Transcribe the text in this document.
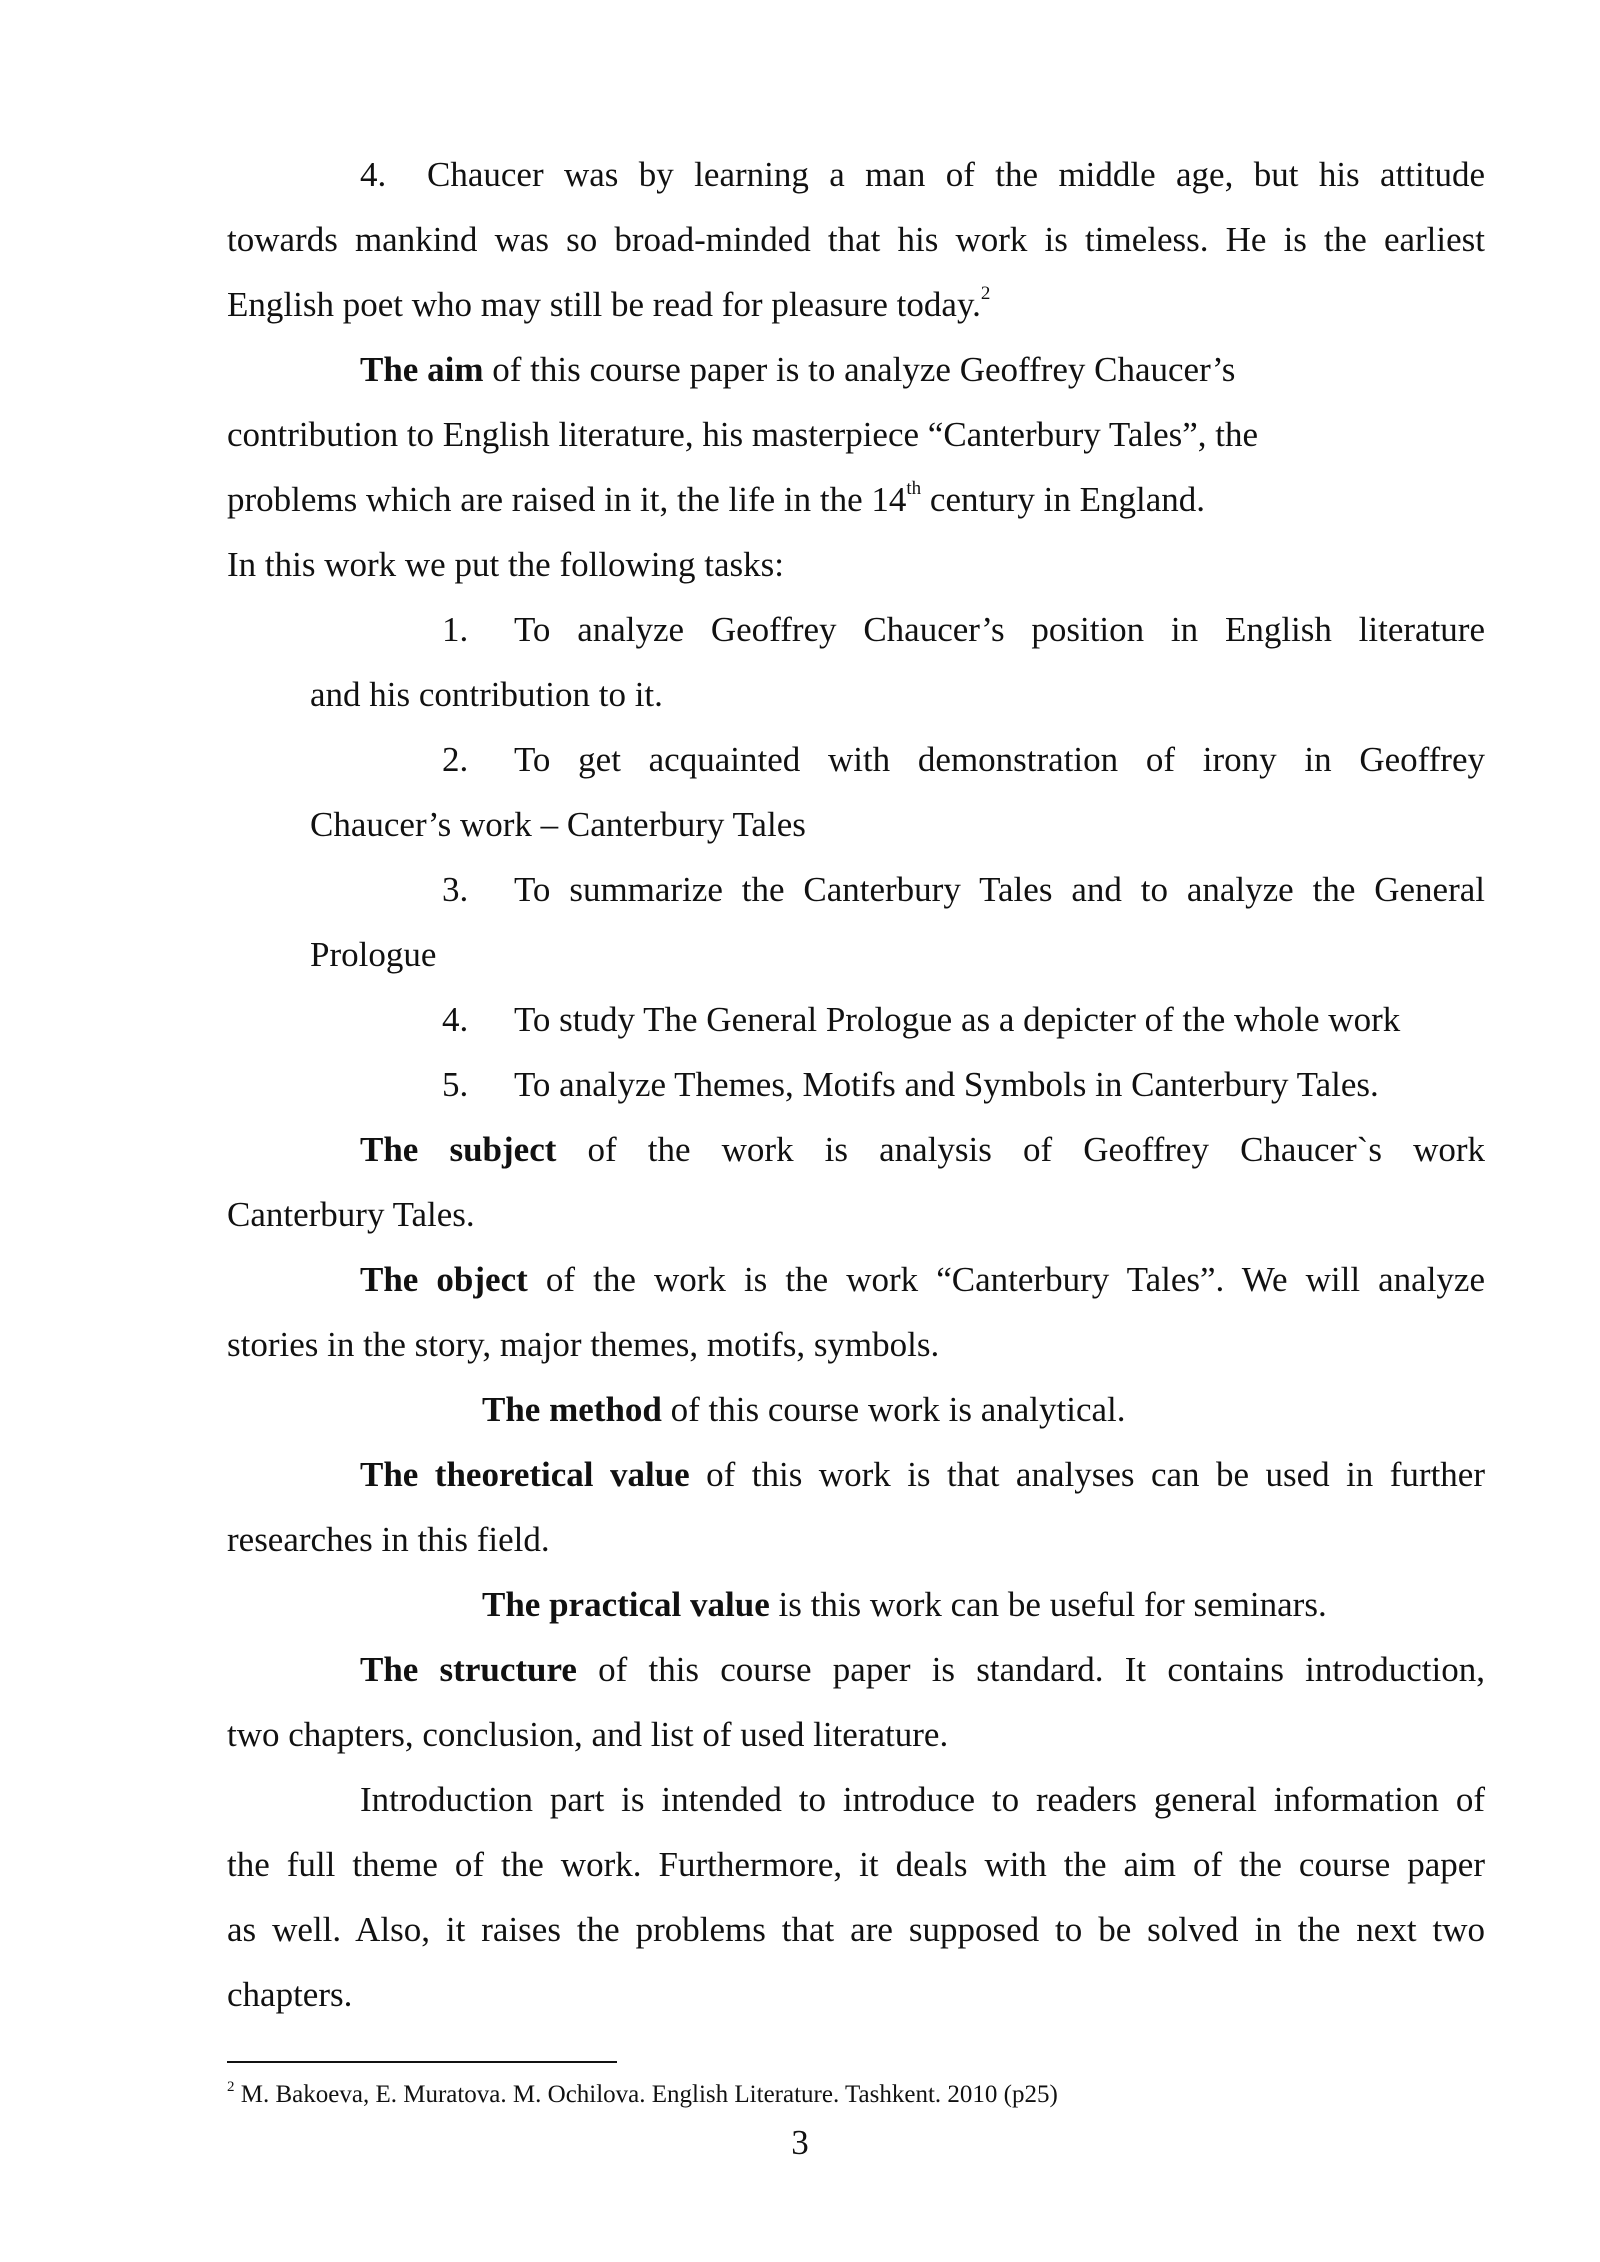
4. Chaucer was by learning a man of the middle age, but his attitude

towards mankind was so broad-minded that his work is timeless. He is the earliest

English poet who may still be read for pleasure today.$^2$

The aim of this course paper is to analyze Geoffrey Chaucer’s

contribution to English literature, his masterpiece “Canterbury Tales”, the

problems which are raised in it, the life in the 14th century in England.

In this work we put the following tasks:

1. To analyze Geoffrey Chaucer’s position in English literature

and his contribution to it.

2. To get acquainted with demonstration of irony in Geoffrey

Chaucer’s work – Canterbury Tales

3. To summarize the Canterbury Tales and to analyze the General

Prologue

4. To study The General Prologue as a depicter of the whole work

5. To analyze Themes, Motifs and Symbols in Canterbury Tales.

The subject of the work is analysis of Geoffrey Chaucer`s work

Canterbury Tales.

The object of the work is the work “Canterbury Tales”. We will analyze

stories in the story, major themes, motifs, symbols.

The method of this course work is analytical.

The theoretical value of this work is that analyses can be used in further

researches in this field.

The practical value is this work can be useful for seminars.

The structure of this course paper is standard. It contains introduction,

two chapters, conclusion, and list of used literature.

Introduction part is intended to introduce to readers general information of

the full theme of the work. Furthermore, it deals with the aim of the course paper

as well. Also, it raises the problems that are supposed to be solved in the next two

chapters.

$^2$ M. Bakoeva, E. Muratova. M. Ochilova. English Literature. Tashkent. 2010 (p25)
3
